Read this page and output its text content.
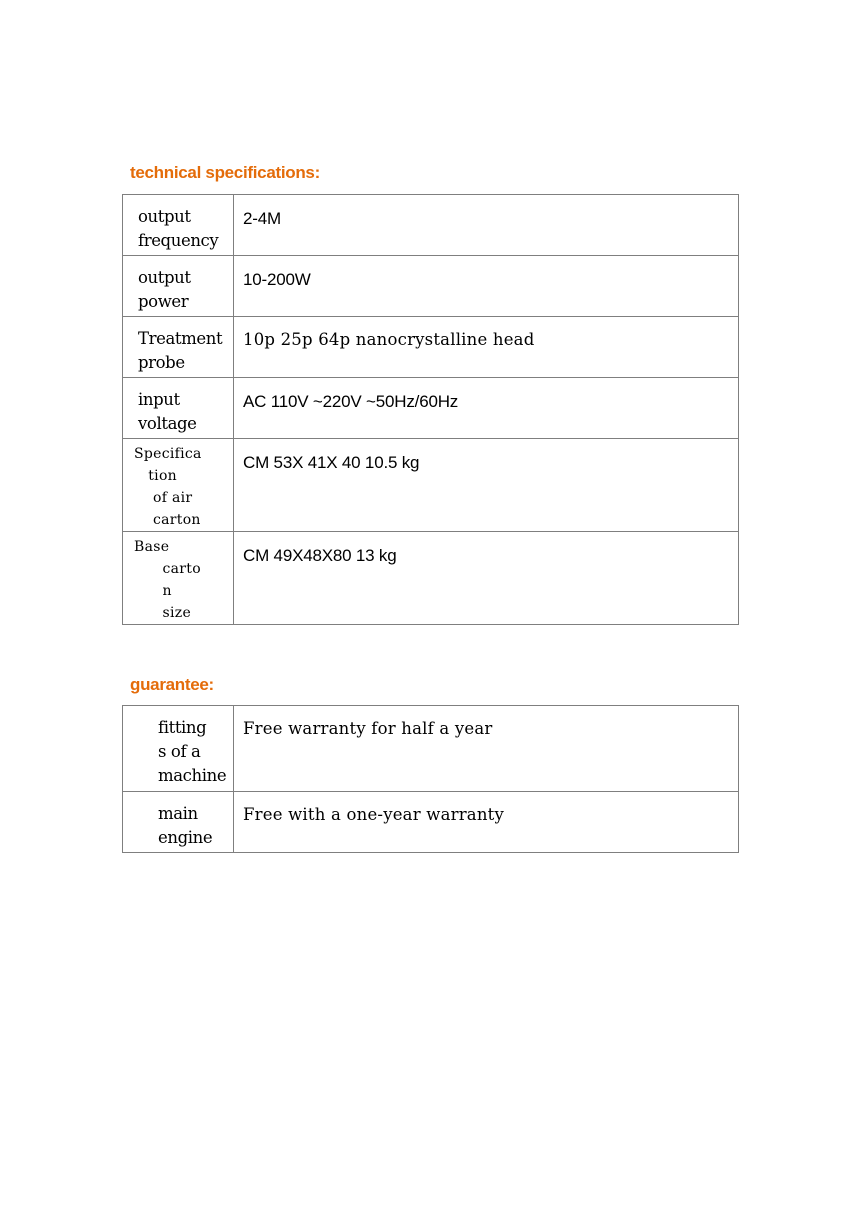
technical specifications:
output
frequency	2-4M

output
power	10-200W

Treatment
probe	10p 25p 64p nanocrystalline head

input
voltage	AC 110V ~220V ~50Hz/60Hz

Specifica
tion
of air
carton	CM 53X 41X 40 10.5 kg

Base
carto
n
size	CM 49X48X80 13 kg
guarantee:
fitting
s of a
machine	Free warranty for half a year

main
engine	Free with a one-year warranty
